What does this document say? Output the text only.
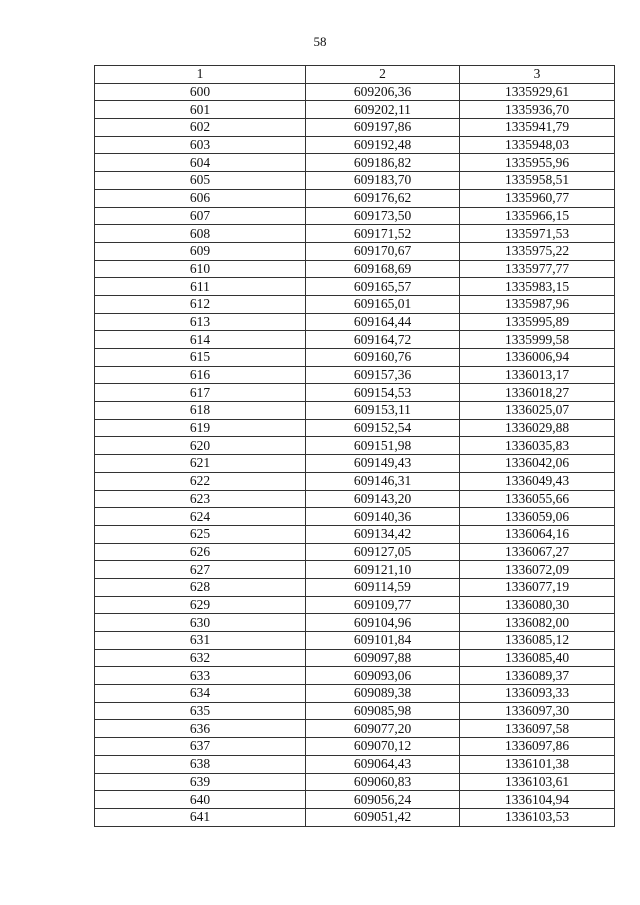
58
1	2	3
600	609206,36	1335929,61
601	609202,11	1335936,70
602	609197,86	1335941,79
603	609192,48	1335948,03
604	609186,82	1335955,96
605	609183,70	1335958,51
606	609176,62	1335960,77
607	609173,50	1335966,15
608	609171,52	1335971,53
609	609170,67	1335975,22
610	609168,69	1335977,77
611	609165,57	1335983,15
612	609165,01	1335987,96
613	609164,44	1335995,89
614	609164,72	1335999,58
615	609160,76	1336006,94
616	609157,36	1336013,17
617	609154,53	1336018,27
618	609153,11	1336025,07
619	609152,54	1336029,88
620	609151,98	1336035,83
621	609149,43	1336042,06
622	609146,31	1336049,43
623	609143,20	1336055,66
624	609140,36	1336059,06
625	609134,42	1336064,16
626	609127,05	1336067,27
627	609121,10	1336072,09
628	609114,59	1336077,19
629	609109,77	1336080,30
630	609104,96	1336082,00
631	609101,84	1336085,12
632	609097,88	1336085,40
633	609093,06	1336089,37
634	609089,38	1336093,33
635	609085,98	1336097,30
636	609077,20	1336097,58
637	609070,12	1336097,86
638	609064,43	1336101,38
639	609060,83	1336103,61
640	609056,24	1336104,94
641	609051,42	1336103,53
